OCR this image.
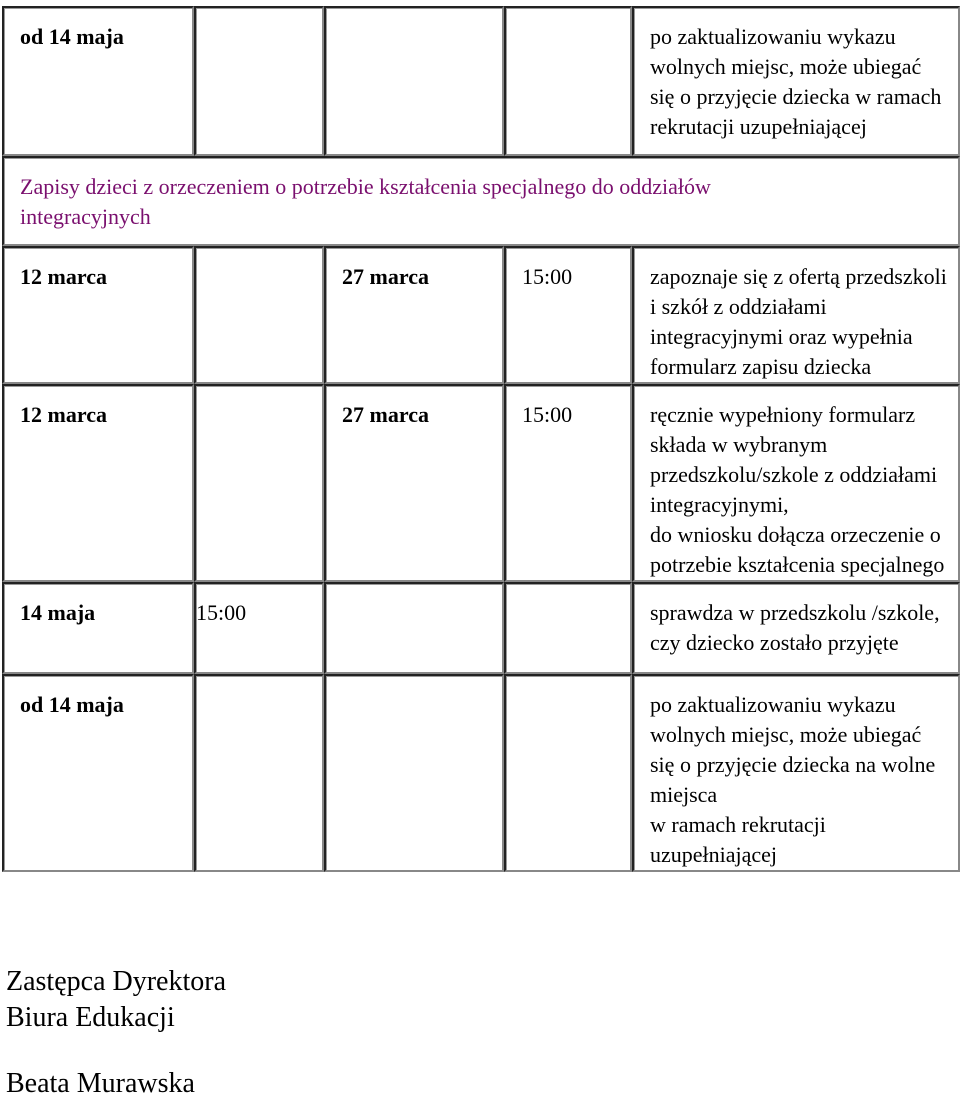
od 14 maja				po zaktualizowaniu wykazu wolnych miejsc, może ubiegać się o przyjęcie dziecka w ramach rekrutacji uzupełniającej
Zapisy dzieci z orzeczeniem o potrzebie kształcenia specjalnego do oddziałów integracyjnych				
12 marca		27 marca	15:00	zapoznaje się z ofertą przedszkoli i szkół z oddziałami integracyjnymi oraz wypełnia formularz zapisu dziecka
12 marca		27 marca	15:00	ręcznie wypełniony formularz składa w wybranym przedszkolu/szkole z oddziałami integracyjnymi,
do wniosku dołącza orzeczenie o potrzebie kształcenia specjalnego

14 maja	15:00			sprawdza w przedszkolu /szkole, czy dziecko zostało przyjęte
od 14 maja				po zaktualizowaniu wykazu wolnych miejsc, może ubiegać się o przyjęcie dziecka na wolne miejsca
w ramach rekrutacji uzupełniającej
Zastępca Dyrektora
Biura Edukacji
Beata Murawska
